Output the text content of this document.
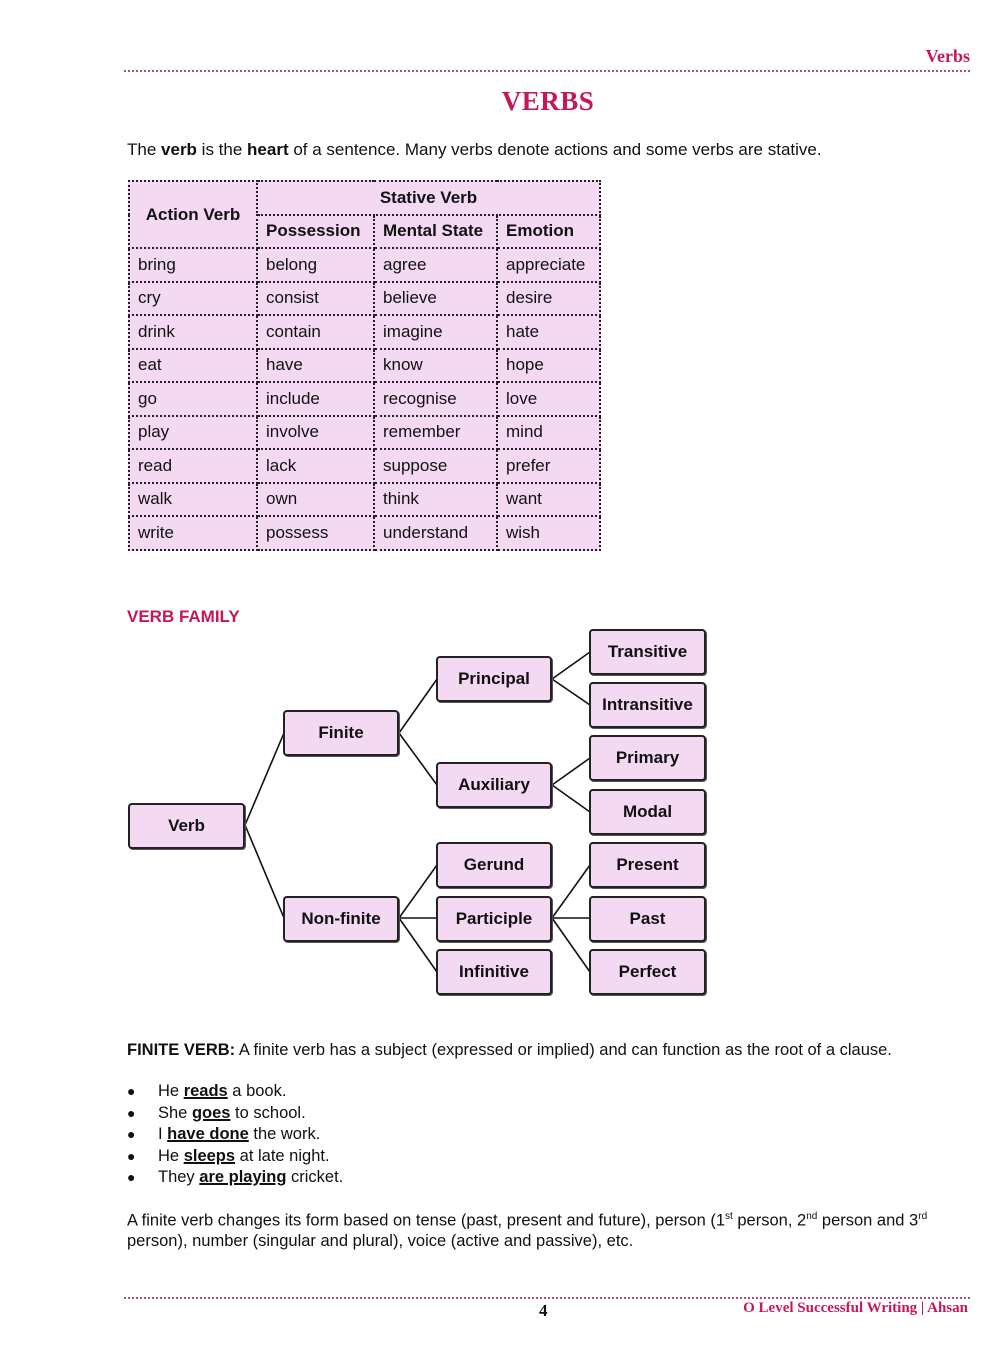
Verbs
VERBS
The verb is the heart of a sentence. Many verbs denote actions and some verbs are stative.
Action Verb	Stative Verb		
	Possession	Mental State	Emotion
bring	belong	agree	appreciate
cry	consist	believe	desire
drink	contain	imagine	hate
eat	have	know	hope
go	include	recognise	love
play	involve	remember	mind
read	lack	suppose	prefer
walk	own	think	want
write	possess	understand	wish
VERB FAMILY
Verb
Finite
Non-finite
Principal
Auxiliary
Gerund
Participle
Infinitive
Transitive
Intransitive
Primary
Modal
Present
Past
Perfect
FINITE VERB: A finite verb has a subject (expressed or implied) and can function as the root of a clause.
●	He reads a book.
●	She goes to school.
●	I have done the work.
●	He sleeps at late night.
●	They are playing cricket.
A finite verb changes its form based on tense (past, present and future), person (1st person, 2nd person and 3rd person), number (singular and plural), voice (active and passive), etc.
4	O Level Successful Writing | Ahsan
